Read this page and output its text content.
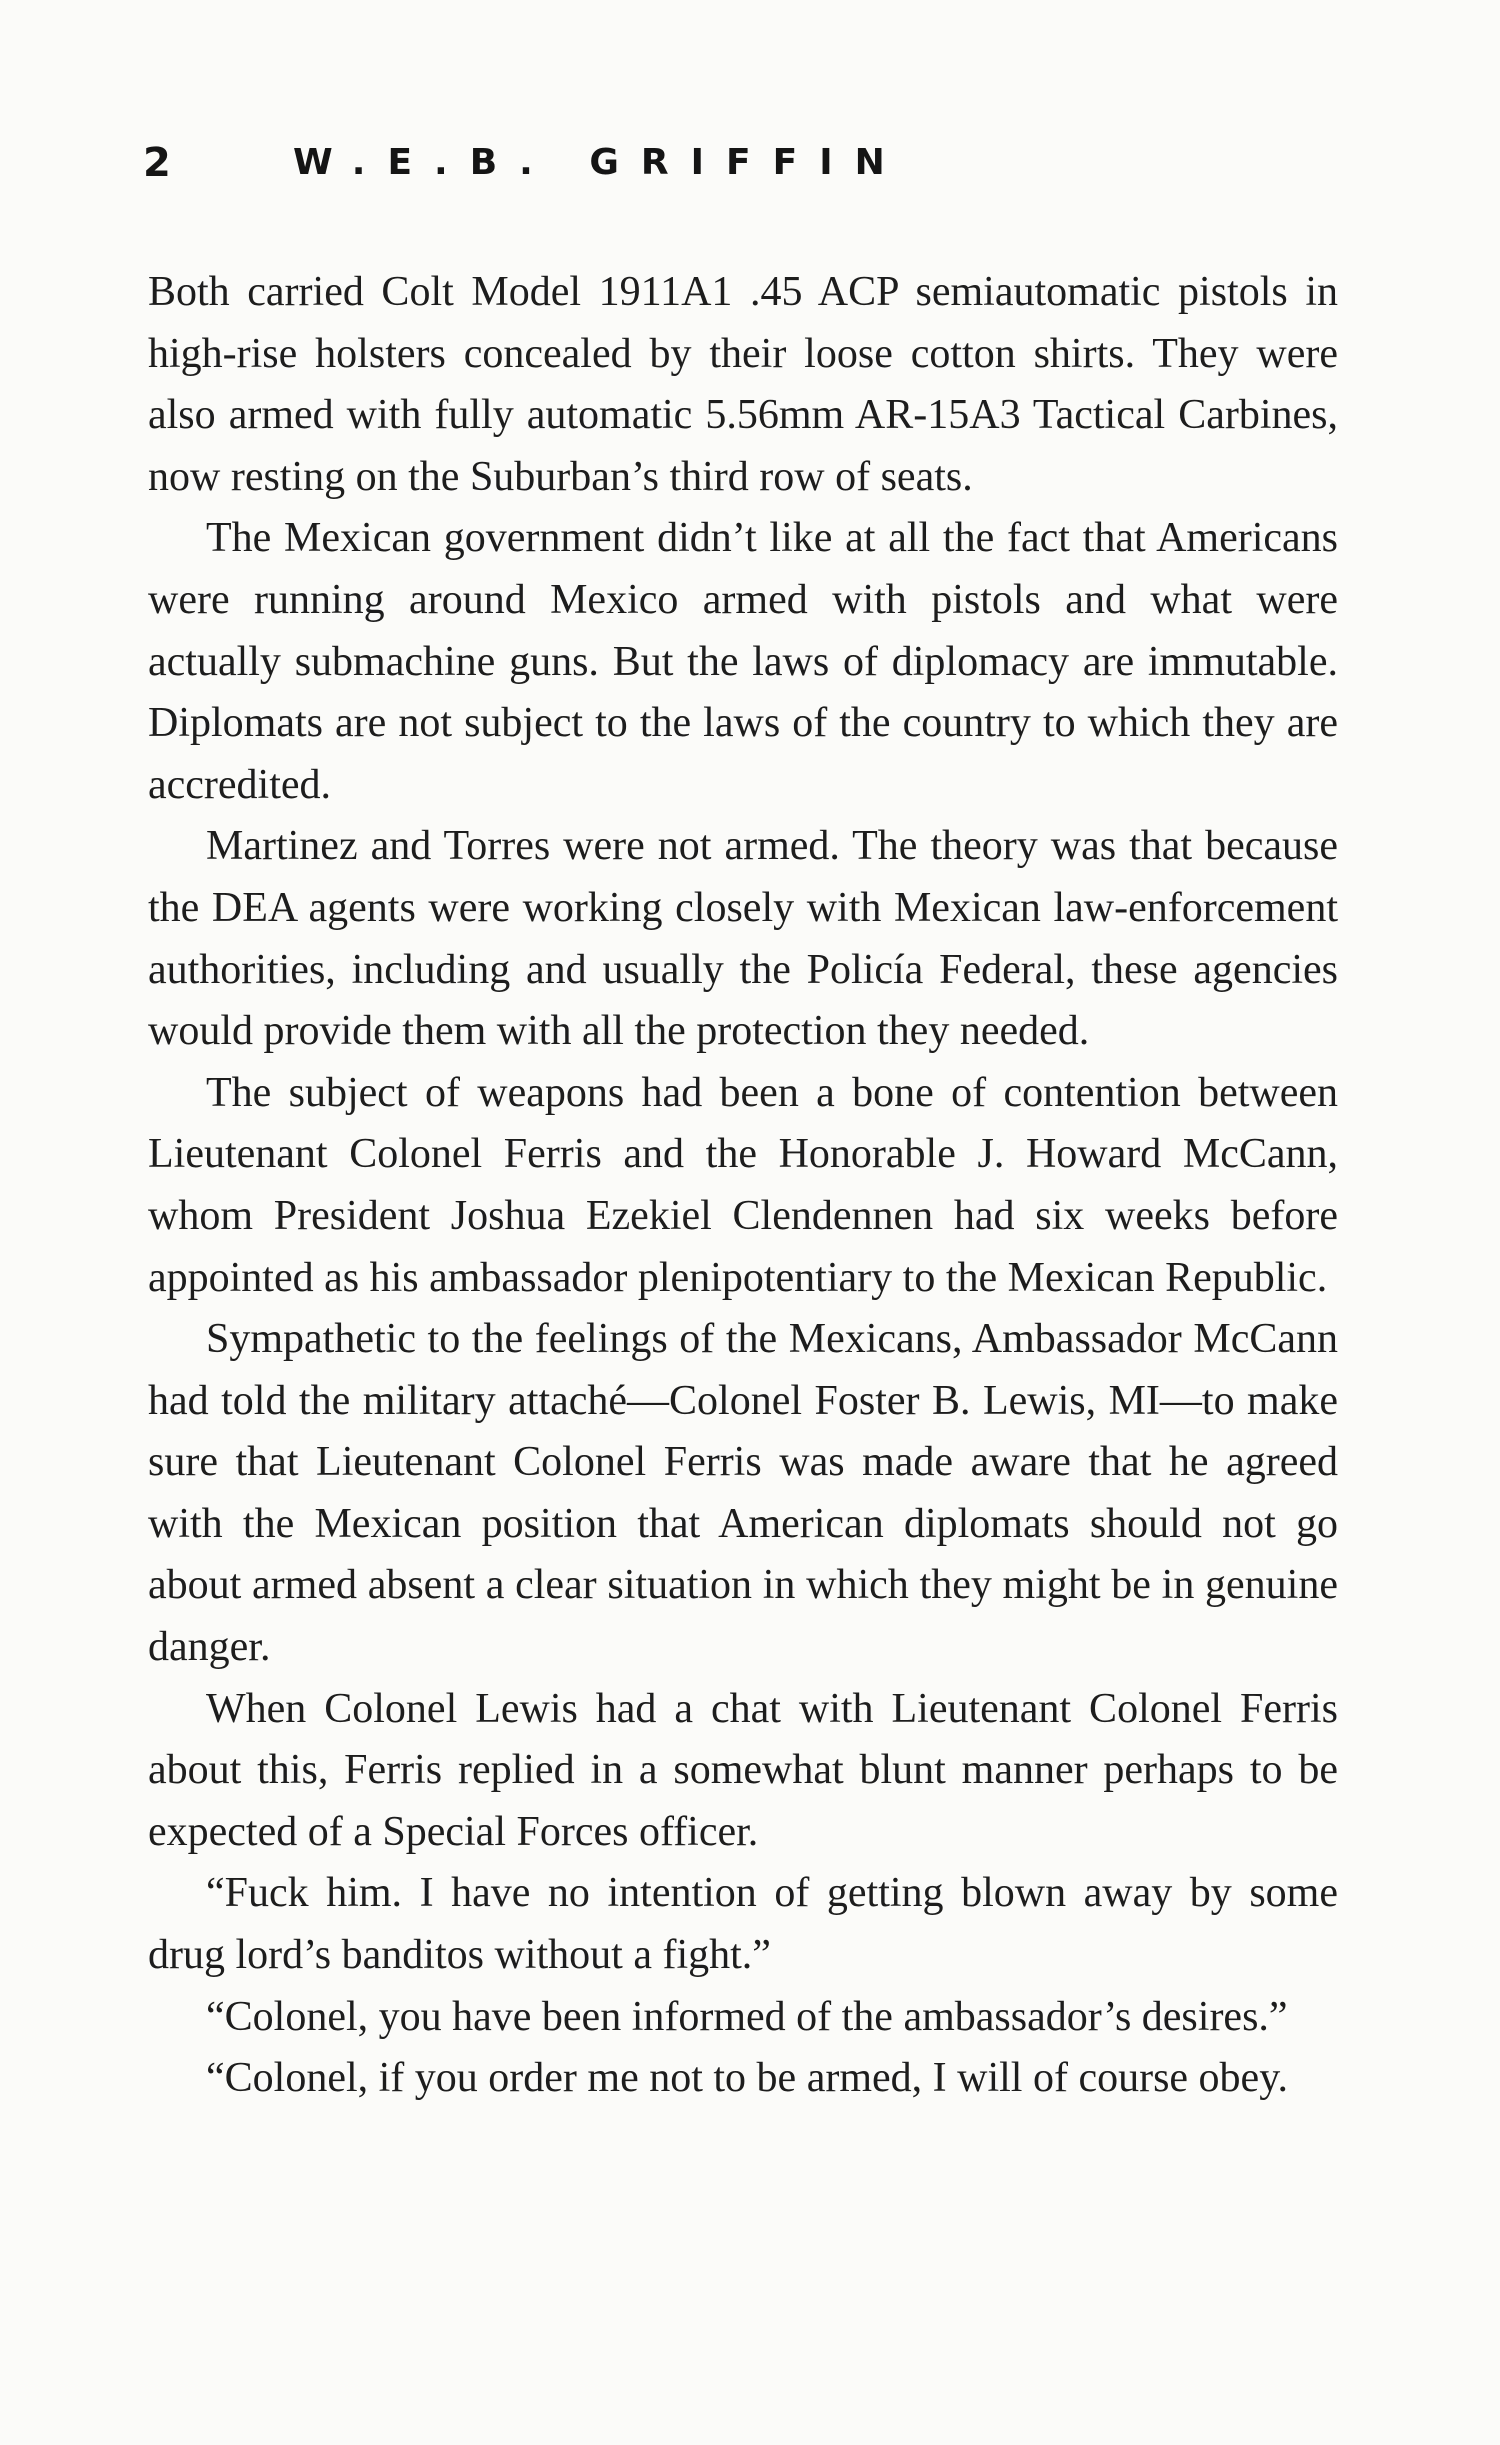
2	W.E.B. GRIFFIN

Both carried Colt Model 1911A1 .45 ACP semiautomatic pistols in high-rise holsters concealed by their loose cotton shirts. They were also armed with fully automatic 5.56mm AR-15A3 Tactical Carbines, now resting on the Suburban’s third row of seats.

The Mexican government didn’t like at all the fact that Americans were running around Mexico armed with pistols and what were actually submachine guns. But the laws of diplomacy are immutable. Diplomats are not subject to the laws of the country to which they are accredited.

Martinez and Torres were not armed. The theory was that because the DEA agents were working closely with Mexican law-enforcement authorities, including and usually the Policía Federal, these agencies would provide them with all the protection they needed.

The subject of weapons had been a bone of contention between Lieutenant Colonel Ferris and the Honorable J. Howard McCann, whom President Joshua Ezekiel Clendennen had six weeks before appointed as his ambassador plenipotentiary to the Mexican Republic.

Sympathetic to the feelings of the Mexicans, Ambassador McCann had told the military attaché—Colonel Foster B. Lewis, MI—to make sure that Lieutenant Colonel Ferris was made aware that he agreed with the Mexican position that American diplomats should not go about armed absent a clear situation in which they might be in genuine danger.

When Colonel Lewis had a chat with Lieutenant Colonel Ferris about this, Ferris replied in a somewhat blunt manner perhaps to be expected of a Special Forces officer.

“Fuck him. I have no intention of getting blown away by some drug lord’s banditos without a fight.”

“Colonel, you have been informed of the ambassador’s desires.”

“Colonel, if you order me not to be armed, I will of course obey.
